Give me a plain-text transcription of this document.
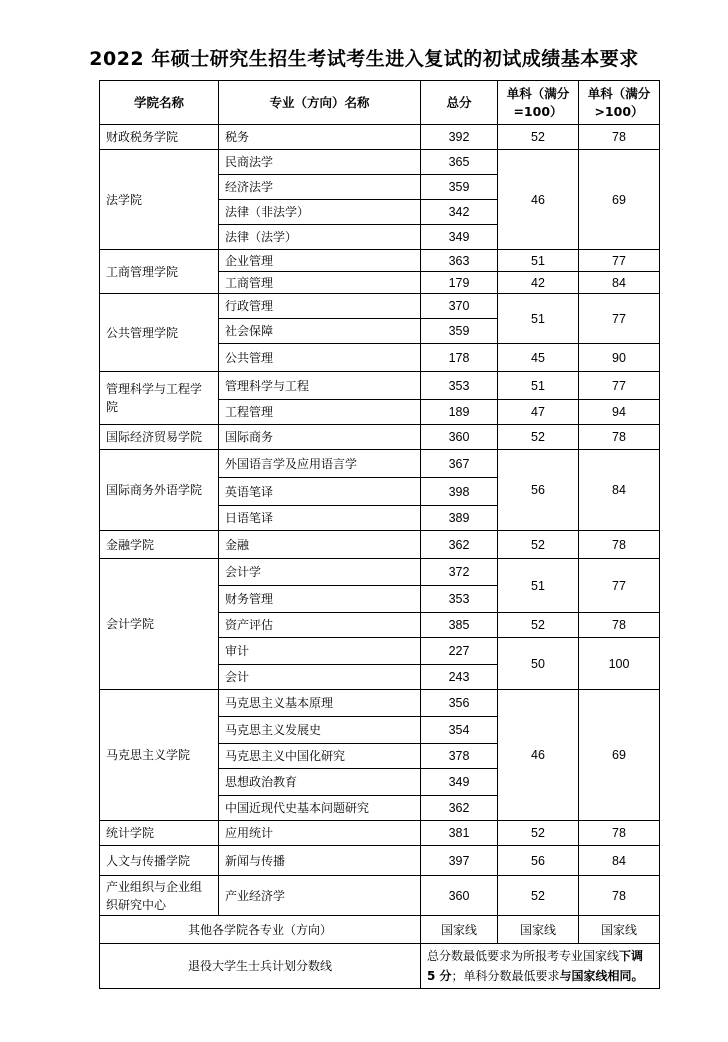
2022 年硕士研究生招生考试考生进入复试的初试成绩基本要求
学院名称	专业（方向）名称	总分	单科（满分=100）	单科（满分>100）
财政税务学院	税务	392	52	78
法学院	民商法学	365	46	69
	经济法学	359		
	法律（非法学）	342		
	法律（法学）	349		
工商管理学院	企业管理	363	51	77
	工商管理	179	42	84
公共管理学院	行政管理	370	51	77
	社会保障	359		
	公共管理	178	45	90
管理科学与工程学院	管理科学与工程	353	51	77
	工程管理	189	47	94
国际经济贸易学院	国际商务	360	52	78
国际商务外语学院	外国语言学及应用语言学	367	56	84
	英语笔译	398		
	日语笔译	389		
金融学院	金融	362	52	78
会计学院	会计学	372	51	77
	财务管理	353		
	资产评估	385	52	78
	审计	227	50	100
	会计	243		
马克思主义学院	马克思主义基本原理	356	46	69
	马克思主义发展史	354		
	马克思主义中国化研究	378		
	思想政治教育	349		
	中国近现代史基本问题研究	362		
统计学院	应用统计	381	52	78
人文与传播学院	新闻与传播	397	56	84
产业组织与企业组织研究中心	产业经济学	360	52	78
其他各学院各专业（方向）		国家线	国家线	国家线
退役大学生士兵计划分数线		总分数最低要求为所报考专业国家线下调 5 分；单科分数最低要求与国家线相同。		
